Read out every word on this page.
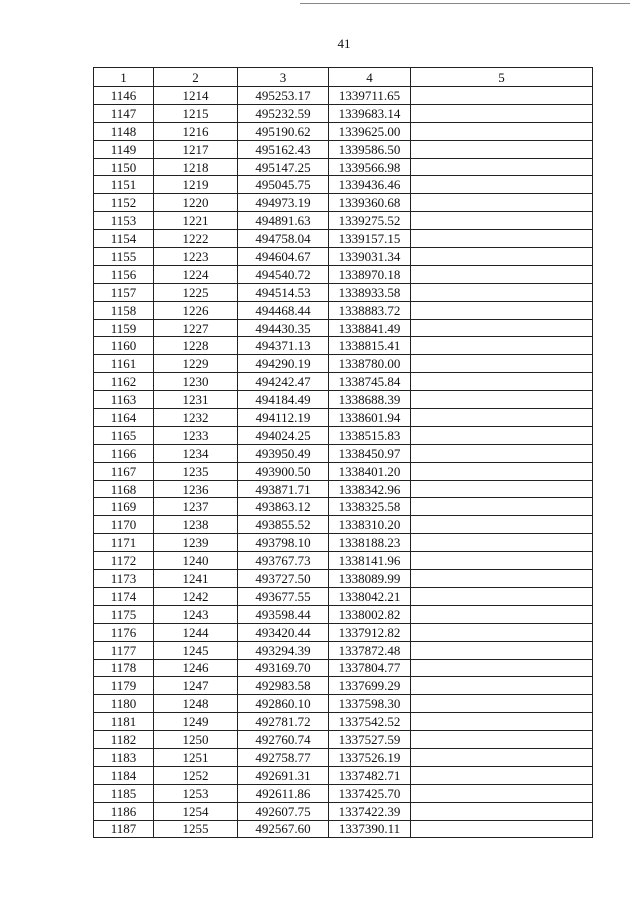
41
1	2	3	4	5
1146	1214	495253.17	1339711.65	
1147	1215	495232.59	1339683.14	
1148	1216	495190.62	1339625.00	
1149	1217	495162.43	1339586.50	
1150	1218	495147.25	1339566.98	
1151	1219	495045.75	1339436.46	
1152	1220	494973.19	1339360.68	
1153	1221	494891.63	1339275.52	
1154	1222	494758.04	1339157.15	
1155	1223	494604.67	1339031.34	
1156	1224	494540.72	1338970.18	
1157	1225	494514.53	1338933.58	
1158	1226	494468.44	1338883.72	
1159	1227	494430.35	1338841.49	
1160	1228	494371.13	1338815.41	
1161	1229	494290.19	1338780.00	
1162	1230	494242.47	1338745.84	
1163	1231	494184.49	1338688.39	
1164	1232	494112.19	1338601.94	
1165	1233	494024.25	1338515.83	
1166	1234	493950.49	1338450.97	
1167	1235	493900.50	1338401.20	
1168	1236	493871.71	1338342.96	
1169	1237	493863.12	1338325.58	
1170	1238	493855.52	1338310.20	
1171	1239	493798.10	1338188.23	
1172	1240	493767.73	1338141.96	
1173	1241	493727.50	1338089.99	
1174	1242	493677.55	1338042.21	
1175	1243	493598.44	1338002.82	
1176	1244	493420.44	1337912.82	
1177	1245	493294.39	1337872.48	
1178	1246	493169.70	1337804.77	
1179	1247	492983.58	1337699.29	
1180	1248	492860.10	1337598.30	
1181	1249	492781.72	1337542.52	
1182	1250	492760.74	1337527.59	
1183	1251	492758.77	1337526.19	
1184	1252	492691.31	1337482.71	
1185	1253	492611.86	1337425.70	
1186	1254	492607.75	1337422.39	
1187	1255	492567.60	1337390.11	
